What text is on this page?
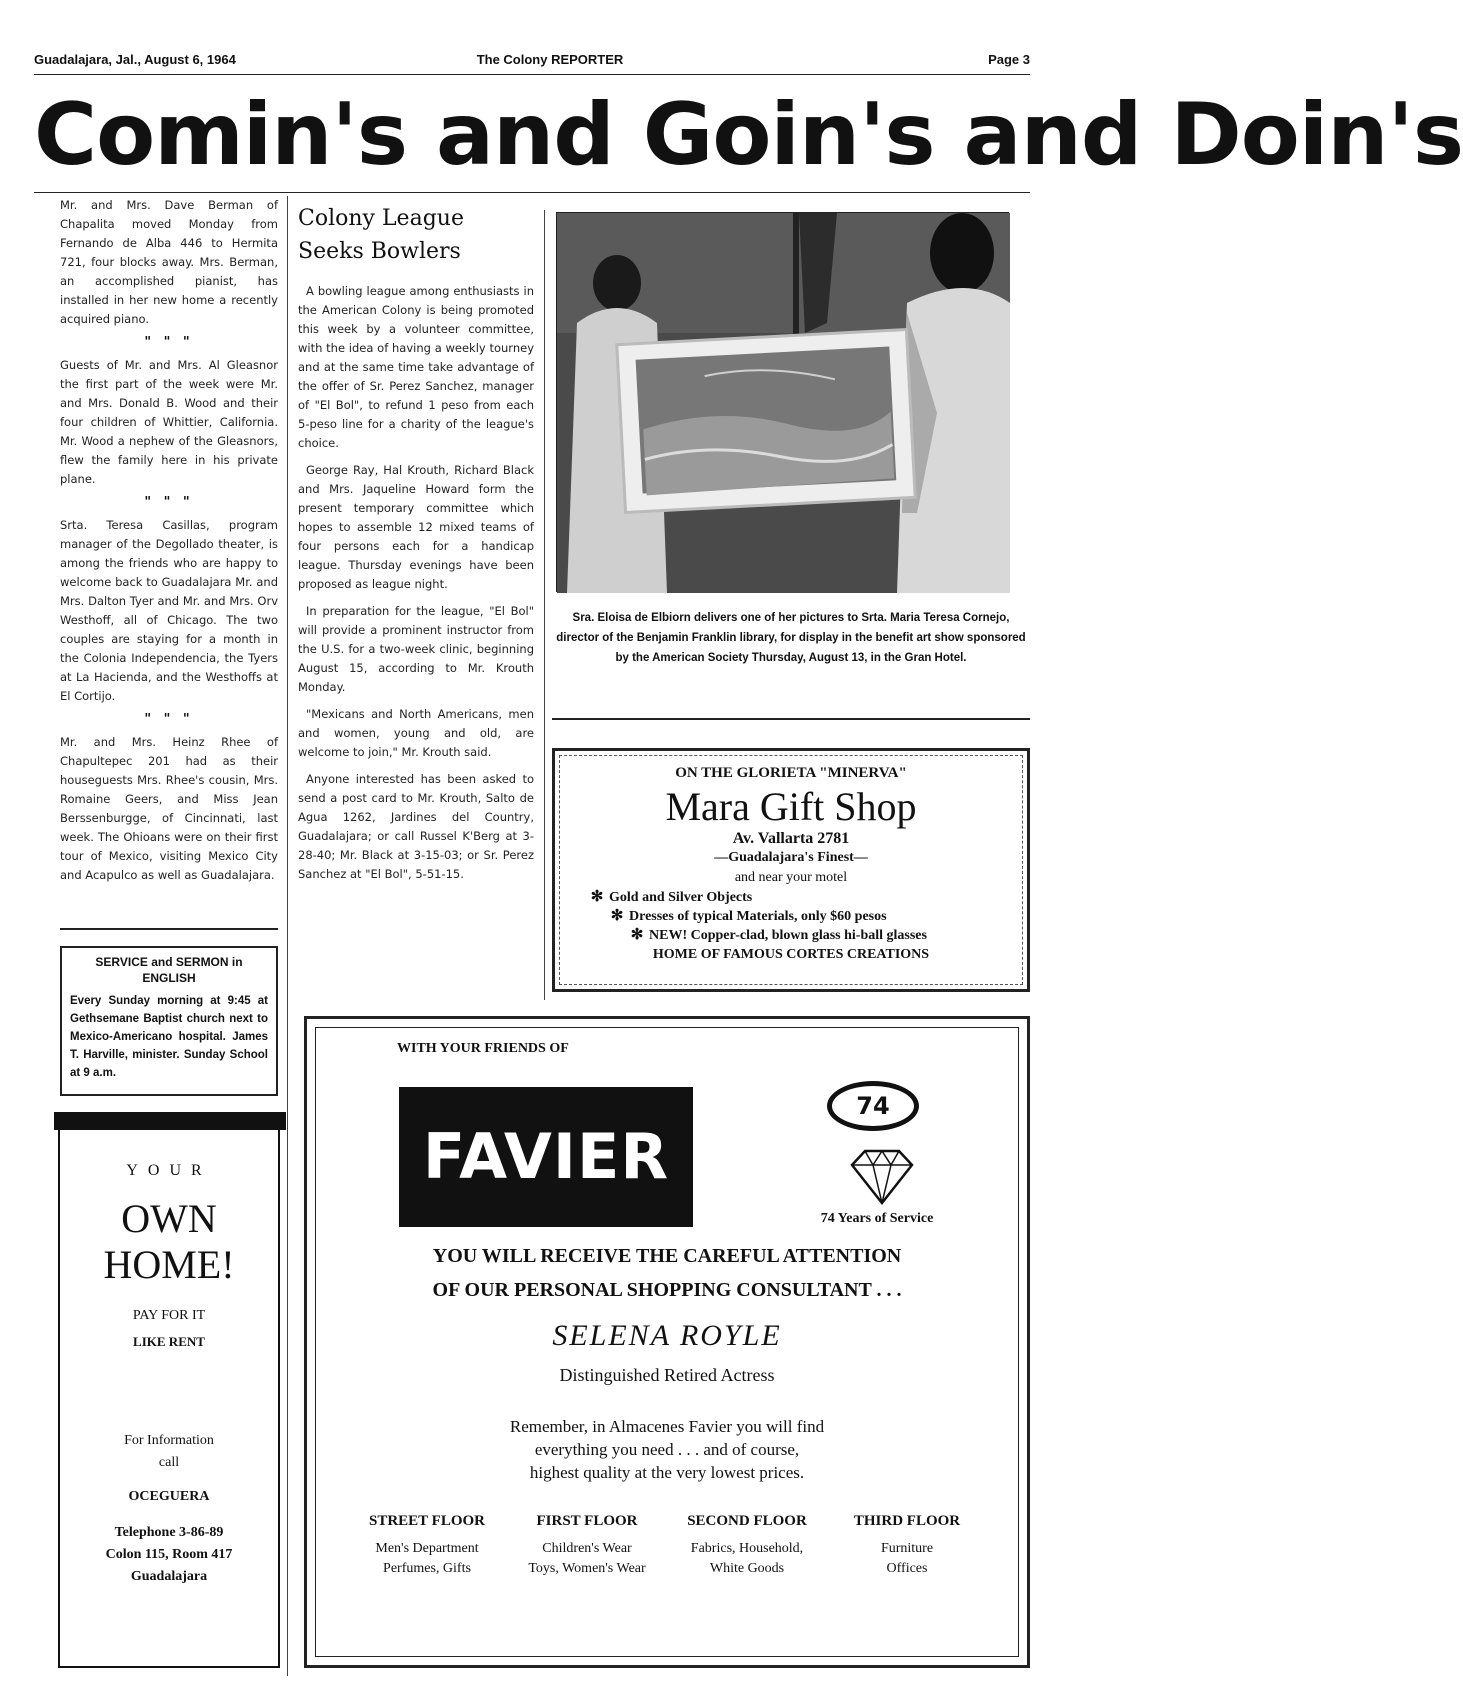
Guadalajara, Jal., August 6, 1964	The Colony REPORTER	Page 3
Comin's and Goin's and Doin's

Mr. and Mrs. Dave Berman of Chapalita moved Monday from Fernando de Alba 446 to Hermita 721, four blocks away. Mrs. Berman, an accomplished pianist, has installed in her new home a recently acquired piano.

" " "

Guests of Mr. and Mrs. Al Gleasnor the first part of the week were Mr. and Mrs. Donald B. Wood and their four children of Whittier, California. Mr. Wood a nephew of the Gleasnors, flew the family here in his private plane.

" " "

Srta. Teresa Casillas, program manager of the Degollado theater, is among the friends who are happy to welcome back to Guadalajara Mr. and Mrs. Dalton Tyer and Mr. and Mrs. Orv Westhoff, all of Chicago. The two couples are staying for a month in the Colonia Independencia, the Tyers at La Hacienda, and the Westhoffs at El Cortijo.

" " "

Mr. and Mrs. Heinz Rhee of Chapultepec 201 had as their houseguests Mrs. Rhee's cousin, Mrs. Romaine Geers, and Miss Jean Berssenburgge, of Cincinnati, last week. The Ohioans were on their first tour of Mexico, visiting Mexico City and Acapulco as well as Guadalajara.

SERVICE and SERMON in ENGLISH
Every Sunday morning at 9:45 at Gethsemane Baptist church next to Mexico-Americano hospital. James T. Harville, minister. Sunday School at 9 a.m.
YOUR
OWN
HOME!
PAY FOR IT
LIKE RENT
For Information
call
OCEGUERA
Telephone 3-86-89
Colon 115, Room 417
Guadalajara
Colony League
Seeks Bowlers

A bowling league among enthusiasts in the American Colony is being promoted this week by a volunteer committee, with the idea of having a weekly tourney and at the same time take advantage of the offer of Sr. Perez Sanchez, manager of "El Bol", to refund 1 peso from each 5-peso line for a charity of the league's choice.

George Ray, Hal Krouth, Richard Black and Mrs. Jaqueline Howard form the present temporary committee which hopes to assemble 12 mixed teams of four persons each for a handicap league. Thursday evenings have been proposed as league night.

In preparation for the league, "El Bol" will provide a prominent instructor from the U.S. for a two-week clinic, beginning August 15, according to Mr. Krouth Monday.

"Mexicans and North Americans, men and women, young and old, are welcome to join," Mr. Krouth said.

Anyone interested has been asked to send a post card to Mr. Krouth, Salto de Agua 1262, Jardines del Country, Guadalajara; or call Russel K'Berg at 3-28-40; Mr. Black at 3-15-03; or Sr. Perez Sanchez at "El Bol", 5-51-15.

Sra. Eloisa de Elbiorn delivers one of her pictures to Srta. Maria Teresa Cornejo, director of the Benjamin Franklin library, for display in the benefit art show sponsored by the American Society Thursday, August 13, in the Gran Hotel.
ON THE GLORIETA "MINERVA"
Mara Gift Shop
Av. Vallarta 2781
—Guadalajara's Finest—
and near your motel
✻ Gold and Silver Objects
✻ Dresses of typical Materials, only $60 pesos
✻ NEW! Copper-clad, blown glass hi-ball glasses
HOME OF FAMOUS CORTES CREATIONS
WITH YOUR FRIENDS OF
FAVIER
74
74 Years of Service
YOU WILL RECEIVE THE CAREFUL ATTENTION
OF OUR PERSONAL SHOPPING CONSULTANT . . .
SELENA ROYLE
Distinguished Retired Actress
Remember, in Almacenes Favier you will find
everything you need . . . and of course,
highest quality at the very lowest prices.
STREET FLOOR
Men's Department
Perfumes, Gifts
FIRST FLOOR
Children's Wear
Toys, Women's Wear
SECOND FLOOR
Fabrics, Household,
White Goods
THIRD FLOOR
Furniture
Offices
